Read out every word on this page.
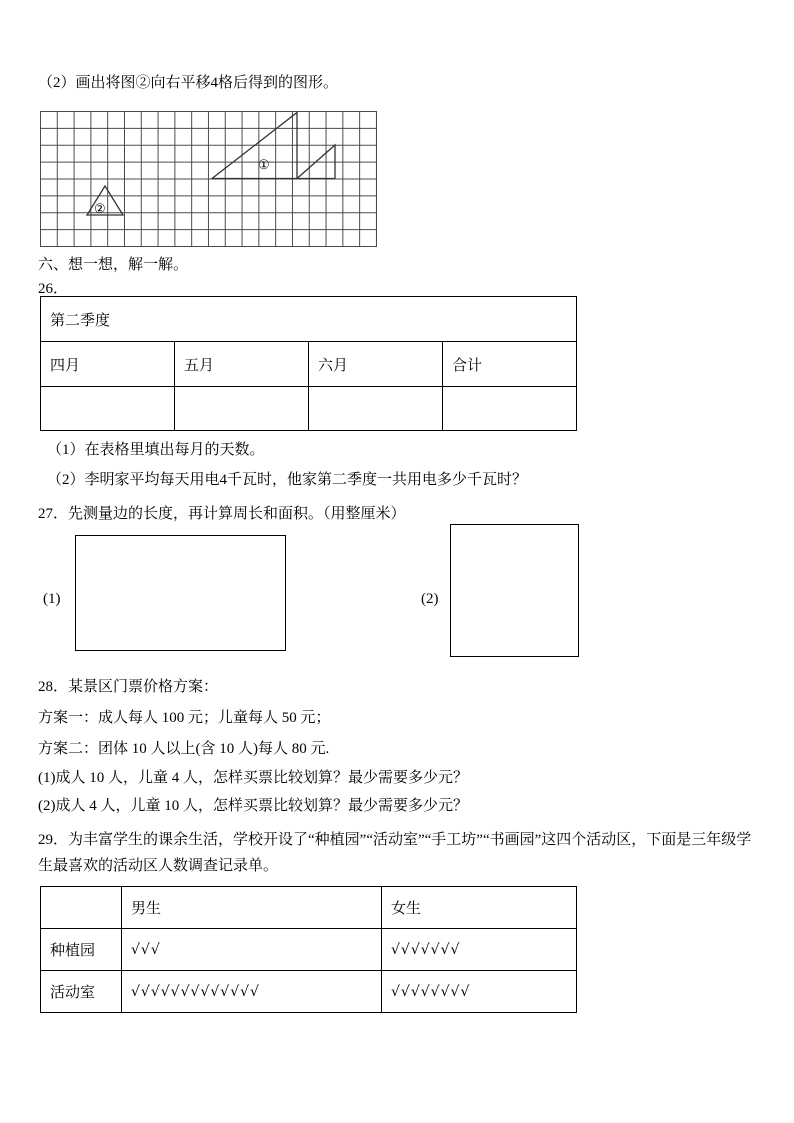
（2）画出将图②向右平移4格后得到的图形。
①
②
六、想一想，解一解。
26．
第二季度			
四月	五月	六月	合计

（1）在表格里填出每月的天数。
（2）李明家平均每天用电4千瓦时，他家第二季度一共用电多少千瓦时？
27．先测量边的长度，再计算周长和面积。（用整厘米）
(1)	(2)
28．某景区门票价格方案：
方案一：成人每人 100 元；儿童每人 50 元；
方案二：团体 10 人以上(含 10 人)每人 80 元.
(1)成人 10 人，儿童 4 人，怎样买票比较划算？最少需要多少元？
(2)成人 4 人，儿童 10 人，怎样买票比较划算？最少需要多少元？
29．为丰富学生的课余生活，学校开设了“种植园”“活动室”“手工坊”“书画园”这四个活动区，下面是三年级学生最喜欢的活动区人数调查记录单。
	男生	女生
种植园	√√√	√√√√√√√
活动室	√√√√√√√√√√√√√	√√√√√√√√
